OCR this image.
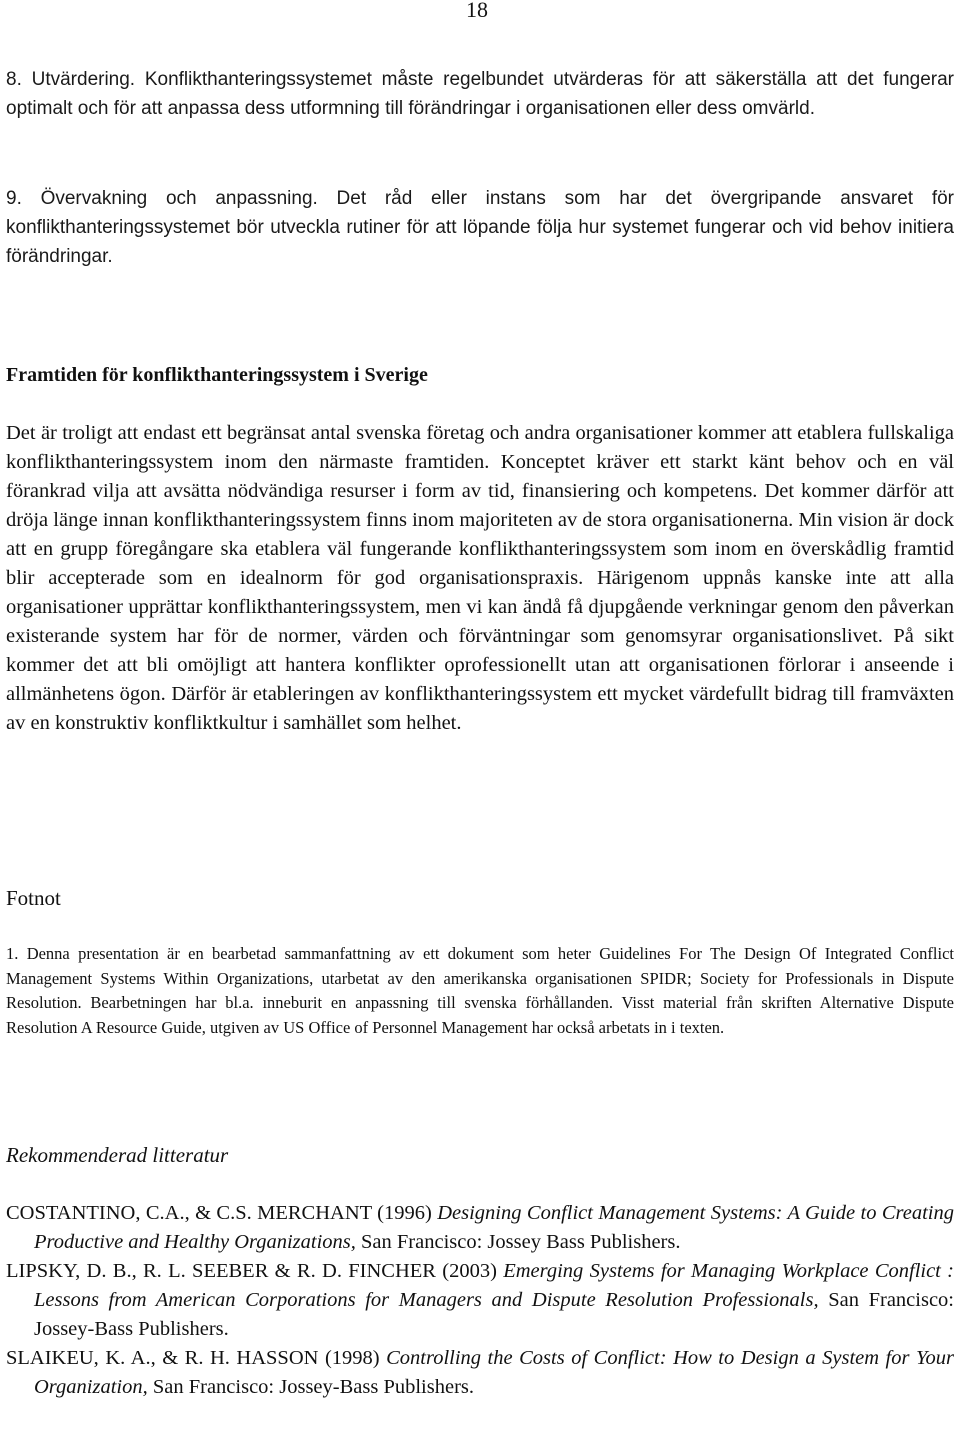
18

8. Utvärdering. Konflikthanteringssystemet måste regelbundet utvärderas för att säkerställa att det fungerar optimalt och för att anpassa dess utformning till förändringar i organisationen eller dess omvärld.

9. Övervakning och anpassning. Det råd eller instans som har det övergripande ansvaret för konflikthanteringssystemet bör utveckla rutiner för att löpande följa hur systemet fungerar och vid behov initiera förändringar.

Framtiden för konflikthanteringssystem i Sverige

Det är troligt att endast ett begränsat antal svenska företag och andra organisationer kommer att etablera fullskaliga konflikthanteringssystem inom den närmaste framtiden. Konceptet kräver ett starkt känt behov och en väl förankrad vilja att avsätta nödvändiga resurser i form av tid, finansiering och kompetens. Det kommer därför att dröja länge innan konflikthanteringssystem finns inom majoriteten av de stora organisationerna. Min vision är dock att en grupp föregångare ska etablera väl fungerande konflikthanteringssystem som inom en överskådlig framtid blir accepterade som en idealnorm för god organisationspraxis. Härigenom uppnås kanske inte att alla organisationer upprättar konflikthanteringssystem, men vi kan ändå få djupgående verkningar genom den påverkan existerande system har för de normer, värden och förväntningar som genomsyrar organisationslivet. På sikt kommer det att bli omöjligt att hantera konflikter oprofessionellt utan att organisationen förlorar i anseende i allmänhetens ögon. Därför är etableringen av konflikthanteringssystem ett mycket värdefullt bidrag till framväxten av en konstruktiv konfliktkultur i samhället som helhet.

Fotnot

1. Denna presentation är en bearbetad sammanfattning av ett dokument som heter Guidelines For The Design Of Integrated Conflict Management Systems Within Organizations, utarbetat av den amerikanska organisationen SPIDR; Society for Professionals in Dispute Resolution. Bearbetningen har bl.a. inneburit en anpassning till svenska förhållanden. Visst material från skriften Alternative Dispute Resolution A Resource Guide, utgiven av US Office of Personnel Management har också arbetats in i texten.

Rekommenderad litteratur
COSTANTINO, C.A., & C.S. MERCHANT (1996) Designing Conflict Management Systems: A Guide to Creating Productive and Healthy Organizations, San Francisco: Jossey Bass Publishers.
LIPSKY, D. B., R. L. SEEBER & R. D. FINCHER (2003) Emerging Systems for Managing Workplace Conflict : Lessons from American Corporations for Managers and Dispute Resolution Professionals, San Francisco: Jossey-Bass Publishers.
SLAIKEU, K. A., & R. H. HASSON (1998) Controlling the Costs of Conflict: How to Design a System for Your Organization, San Francisco: Jossey-Bass Publishers.
